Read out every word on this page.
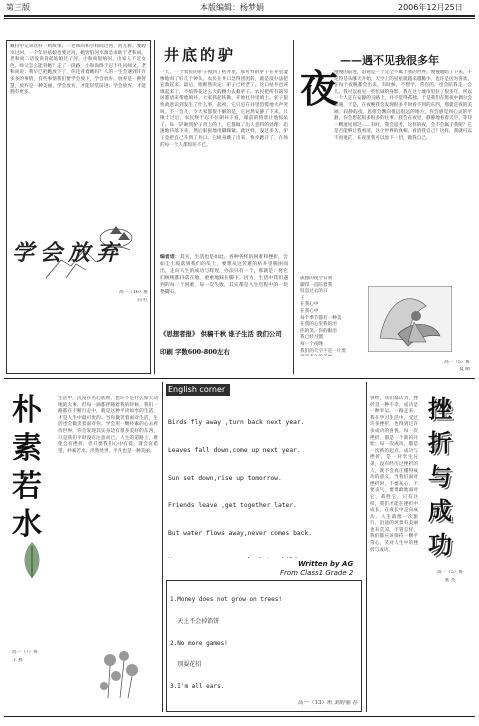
第三版	本版编辑：杨梦娟	2006年12月25日
戴拉中记录这样一则故事。一老和尚和小和尚过河，河无桥。要蹚水过河，一个年轻姑娘也要过河，她害怕河水湍急求助于老和尚。老和尚二话没说背起姑娘过了河。小和尚很纳闷，出家人不近女色，师父怎么能背她？走了一段路，小和尚终于忍不住问师父。老和尚说：我早已把她放下了，你还背着她吗？人的一生会遇到许许多多的事情，有些事情我们要学会放下，学会放弃。放弃是一种智慧，放弃是一种美丽。学会放弃，才能轻装前进；学会放弃，才能拥有更多。
学会放弃
高一（16）班
向 红
井底的驴
一天，一个农民的驴子掉到了枯井里。那可怜的驴子在井里凄惨地叫了好几个钟头，农民在井口急得团团转，就是没办法把它救起来。最后，他断然决定：驴子已经老了，这口枯井也该填起来了，不值得花这么大的精力去救驴子。农民把所有的邻居都请来帮他填井。大家抓起铁锹，开始往井里填土。驴子很快就意识到发生了什么事，起初，它只是在井里恐慌地大声哭叫。不一会儿，令大家都很不解的是，它居然安静了下来。几锹土过后，农民终于忍不住朝井下看，眼前的情景让他惊呆了。每一铲砸到驴子背上的土，它都做了出人意料的处理：迅速地抖落下来，然后狠狠地用脚踩紧。就这样，没过多久，驴子竟把自己升到了井口。它纵身跳了出来，快步跑开了，在场的每一个人都惊诧不已。
编者语：其实，生活也是如此，各种各样的困难和挫折，会如尘土般落到我们的头上，要想从这苦难的枯井里脱困而出，走向人生的成功与辉煌，办法只有一个，那就是：将它们统统都抖落在地，重重地踩在脚下。因为，生活中我们遇到的每一个困难，每一次失败，其实都是人生历程中的一块垫脚石。
《思想者报》 供稿千秋 谁子生活 我们公司
印刷 字数600-800左右
夜
——遇不见我很多年
慢慢的前进，沿途是一个完全不属于我的世界。慢慢地暗了下来，不记得是从哪天开始，天空上的星星就越来越稀少。也许是因为喜欢，在每个夜晚都会出来。有时候，不想学，常有的，也会陪我走一会儿，我可以看见一些忙碌的身影，我在这个城市里住了很多年，所以一个人走在安静的马路上，并不觉得孤独。于是我们在黑夜中偶尔会相遇，于是，在夜晚我会发现很多平时看不到的东西，那就是夜的美丽。寂静的夜，思绪会飘向很远很远的地方，你会感觉到心灵的平静，你会想起很多很多的往事。我会在夜里，静静地看着天空，等待一颗流星划过……有时，我会思考，这样的夜，会不会属于我呢？它是否能够让我看清，这个世界的真相，看清我自己？这样，我就可以不再迷茫，在夜里我可以放下一切，做我自己。
孤独的夜空有我
脚印一直陪着我
叹息过去的日
子
在我心中
在我心中
每个季节都有一种美
在我的心里我的泪
你的笑，你的眼泪
我已经习惯
每一个夜晚
我们的天空不是一片黑

高一（5）班
夏 晴
朴素若水
生活中，沉浸在名心底初，也许不是什么惊天动地的大事，但每一滴都伴随着我的时候，我们一路都在不断行走中，就是这种平淡如水的生活，才是人生中最可贵的。当你微笑着面对生活，生活也会微笑着面对你。学会用一颗朴素的心去看待世界，你会发现其实身边有很多美好的东西，只是我们平时没有注意而已。人生的道路上，难免会有挫折，但只要我们心中有爱，就会有希望。朴素若水，淡然处世，平凡也是一种美丽。
高一（7）班
王 燕
English corner

Birds fly away ,turn back next year.

Leaves fall down,come up next year.

Sun set down,rise up tomorrow.

Friends leave ,get together later.

But water flows away,never comes back.

Written by AG
From Class1 Grade 2

1.Money does not grow on trees!

天上不会掉馅饼

2.No more games!

别耍花招

3.I'm all ears.

高一（13）班 刘婷丽 荐
曾经，我们都认为，挫折是一种不幸，成功是一种幸运。一路走来，我在学习生活中，受过许多挫折，也得到过许多成功的喜悦。每一次挫折，都是一个新的开始；每一次成功，都是一次新的起点。成功与挫折，是一对孪生兄弟，没有经历过挫折的人，就不会真正懂得成功的意义。当我们面对挫折时，不要灰心，不要丧气，要勇敢地面对它，战胜它，只有这样，我们才能在挫折中成长，在成长中走向成功。人生就像一次旅行，沿途的风景有美丽也有荒凉，不管怎样，我们都应该保持一颗平常心，笑对人生中的挫折与成功。
挫折与成功
高一（5）班
张 杰
